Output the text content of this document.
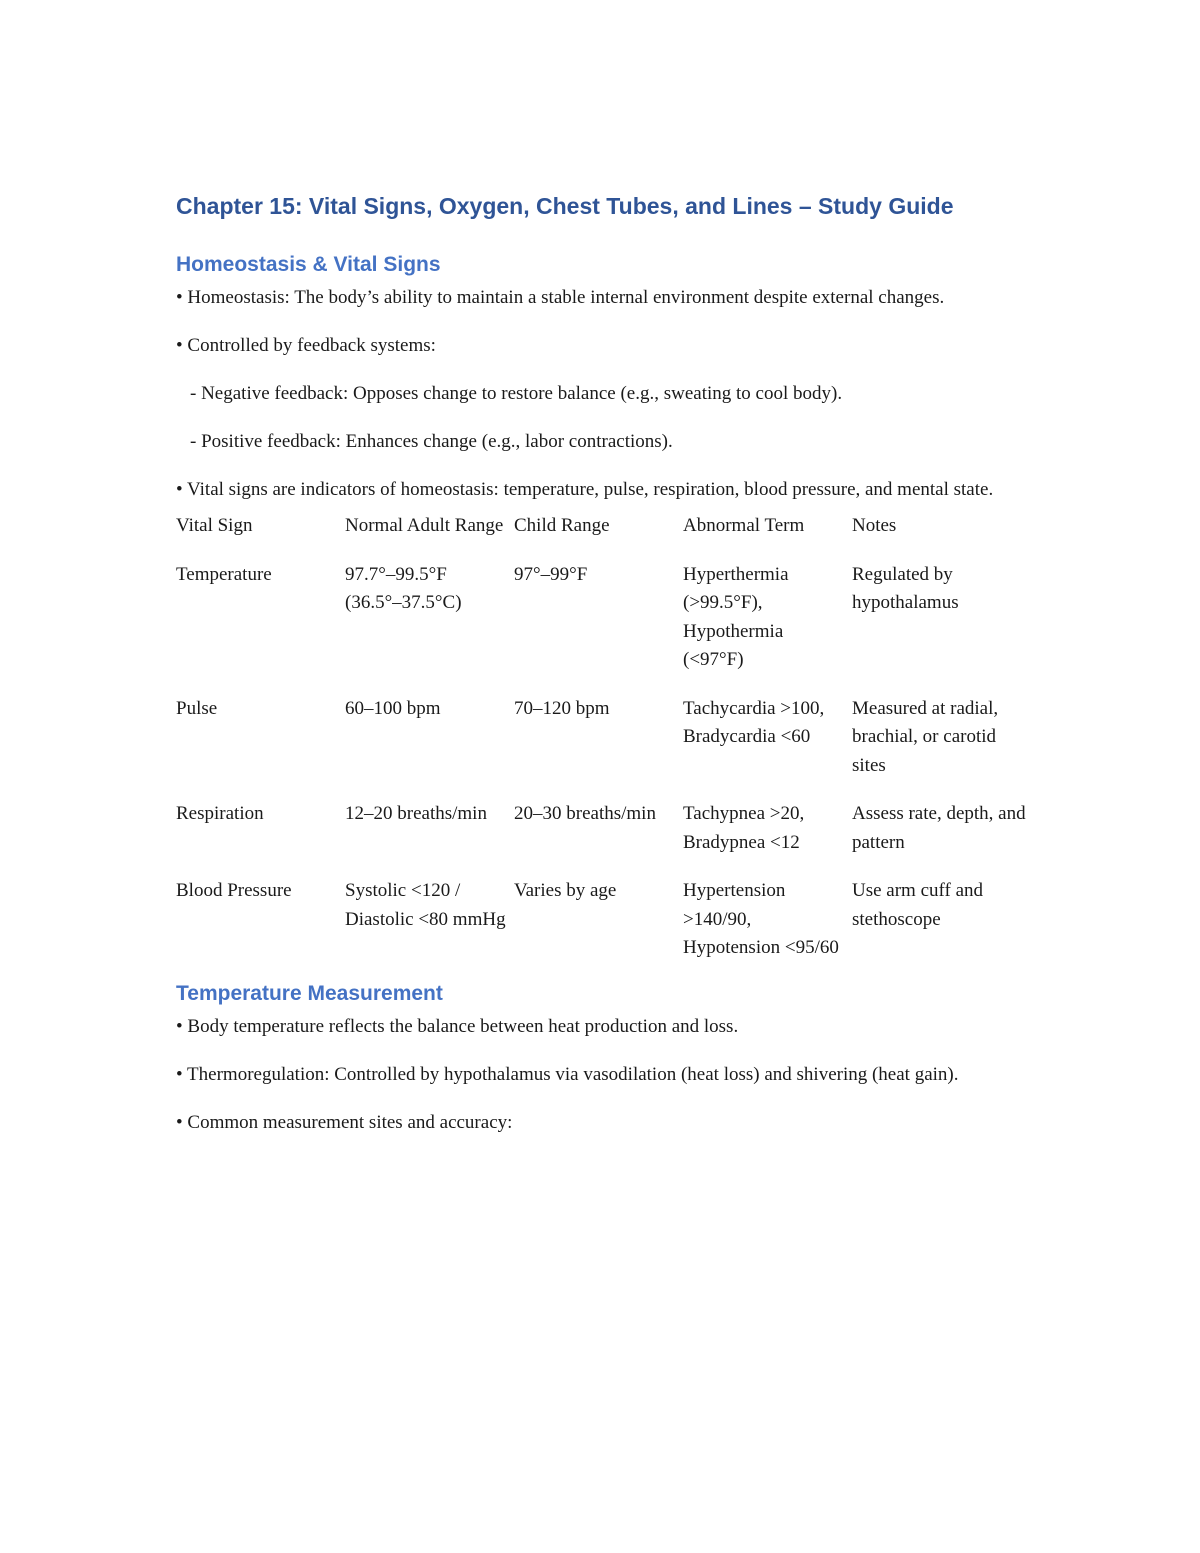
Chapter 15: Vital Signs, Oxygen, Chest Tubes, and Lines – Study Guide
Homeostasis & Vital Signs

• Homeostasis: The body’s ability to maintain a stable internal environment despite external changes.

• Controlled by feedback systems:

- Negative feedback: Opposes change to restore balance (e.g., sweating to cool body).

- Positive feedback: Enhances change (e.g., labor contractions).

• Vital signs are indicators of homeostasis: temperature, pulse, respiration, blood pressure, and mental state.

Vital Sign	Normal Adult Range	Child Range	Abnormal Term	Notes
Temperature	97.7°–99.5°F (36.5°–37.5°C)	97°–99°F	Hyperthermia (>99.5°F), Hypothermia (<97°F)	Regulated by hypothalamus
Pulse	60–100 bpm	70–120 bpm	Tachycardia >100, Bradycardia <60	Measured at radial, brachial, or carotid sites
Respiration	12–20 breaths/min	20–30 breaths/min	Tachypnea >20, Bradypnea <12	Assess rate, depth, and pattern
Blood Pressure	Systolic <120 / Diastolic <80 mmHg	Varies by age	Hypertension >140/90, Hypotension <95/60	Use arm cuff and stethoscope
Temperature Measurement

• Body temperature reflects the balance between heat production and loss.

• Thermoregulation: Controlled by hypothalamus via vasodilation (heat loss) and shivering (heat gain).

• Common measurement sites and accuracy:
